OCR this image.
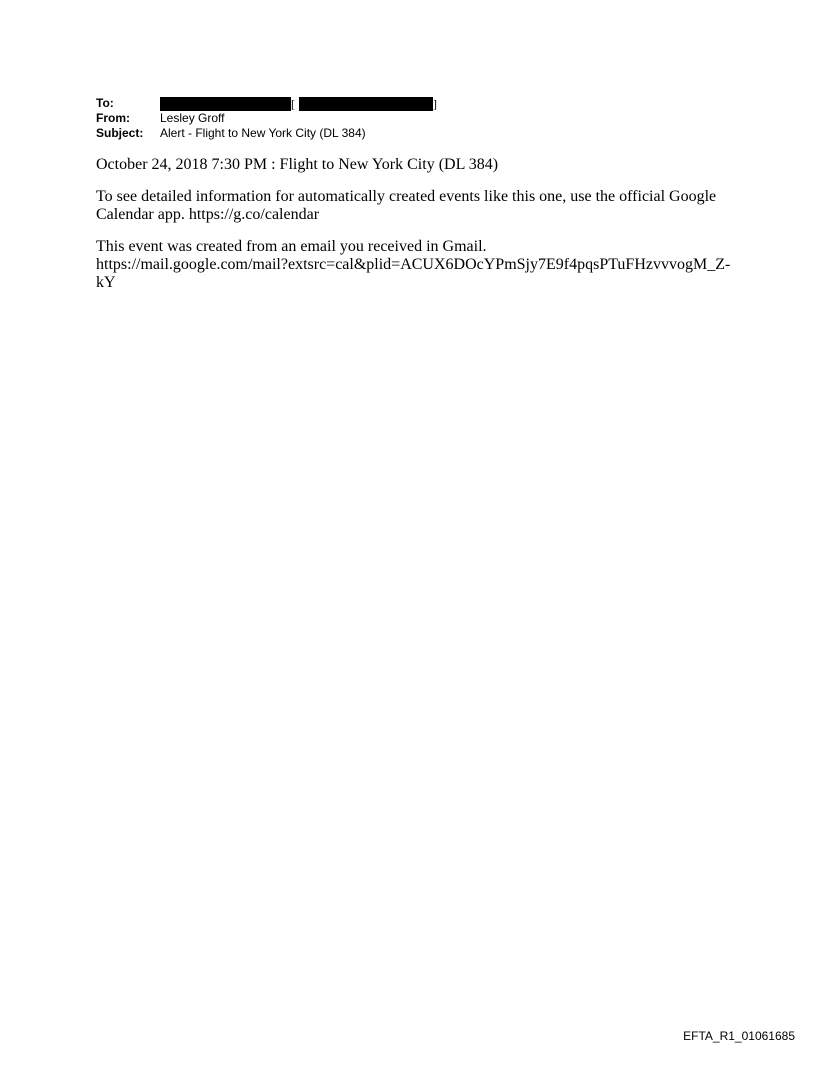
To:	[	]
From:	Lesley Groff
Subject:	Alert - Flight to New York City (DL 384)

October 24, 2018 7:30 PM : Flight to New York City (DL 384)

To see detailed information for automatically created events like this one, use the official Google
Calendar app. https://g.co/calendar

This event was created from an email you received in Gmail.
https://mail.google.com/mail?extsrc=cal&plid=ACUX6DOcYPmSjy7E9f4pqsPTuFHzvvvogM_Z-
kY

EFTA_R1_01061685
